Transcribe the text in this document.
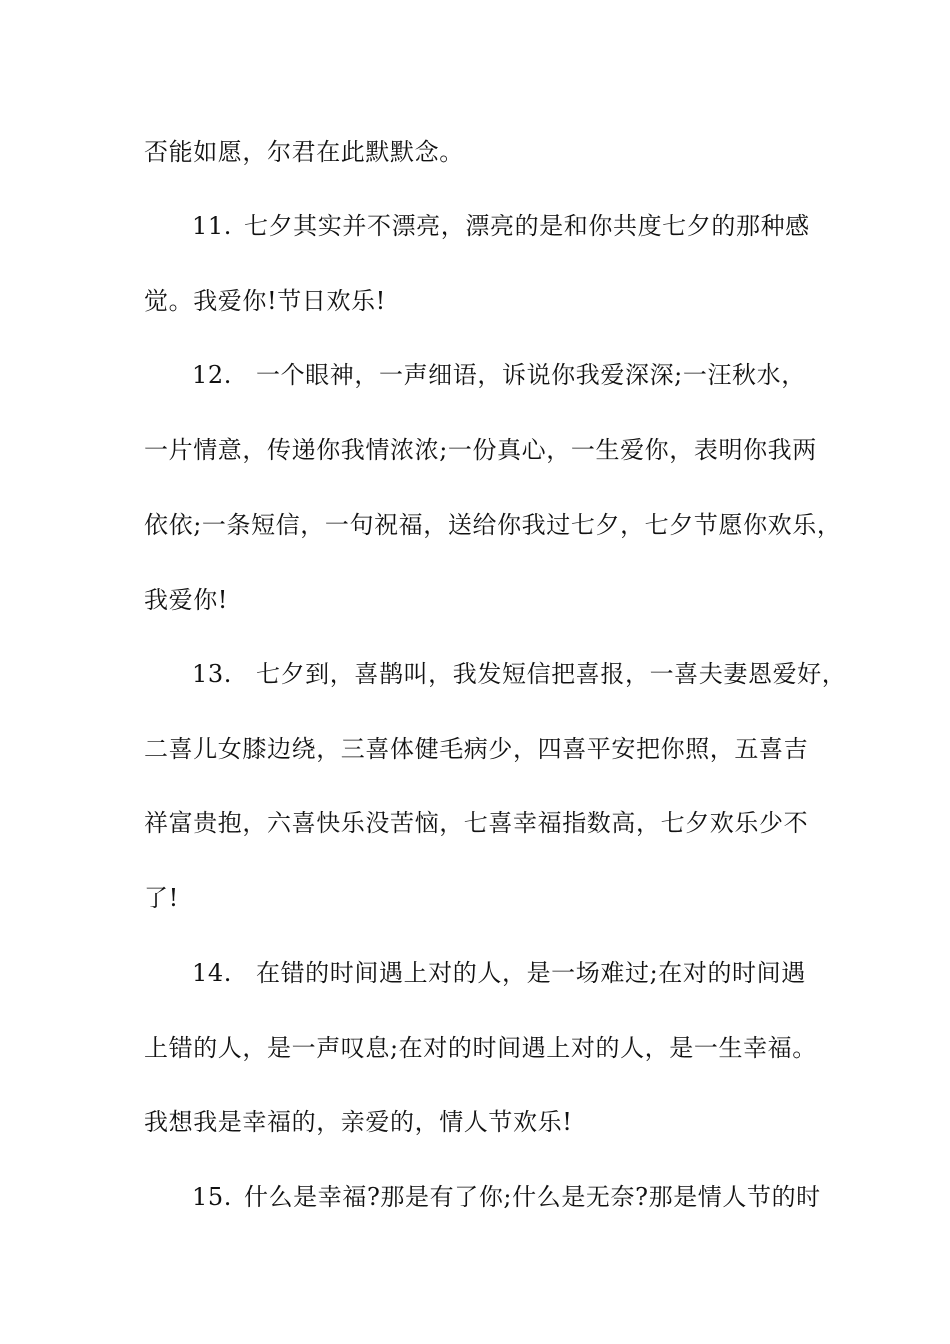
否能如愿，尔君在此默默念。
11. 七夕其实并不漂亮，漂亮的是和你共度七夕的那种感
觉。我爱你!节日欢乐!
12. 一个眼神，一声细语，诉说你我爱深深;一汪秋水，
一片情意，传递你我情浓浓;一份真心，一生爱你，表明你我两
依依;一条短信，一句祝福，送给你我过七夕，七夕节愿你欢乐，
我爱你!
13. 七夕到，喜鹊叫，我发短信把喜报，一喜夫妻恩爱好，
二喜儿女膝边绕，三喜体健毛病少，四喜平安把你照，五喜吉
祥富贵抱，六喜快乐没苦恼，七喜幸福指数高，七夕欢乐少不
了!
14. 在错的时间遇上对的人，是一场难过;在对的时间遇
上错的人，是一声叹息;在对的时间遇上对的人，是一生幸福。
我想我是幸福的，亲爱的，情人节欢乐!
15. 什么是幸福?那是有了你;什么是无奈?那是情人节的时
